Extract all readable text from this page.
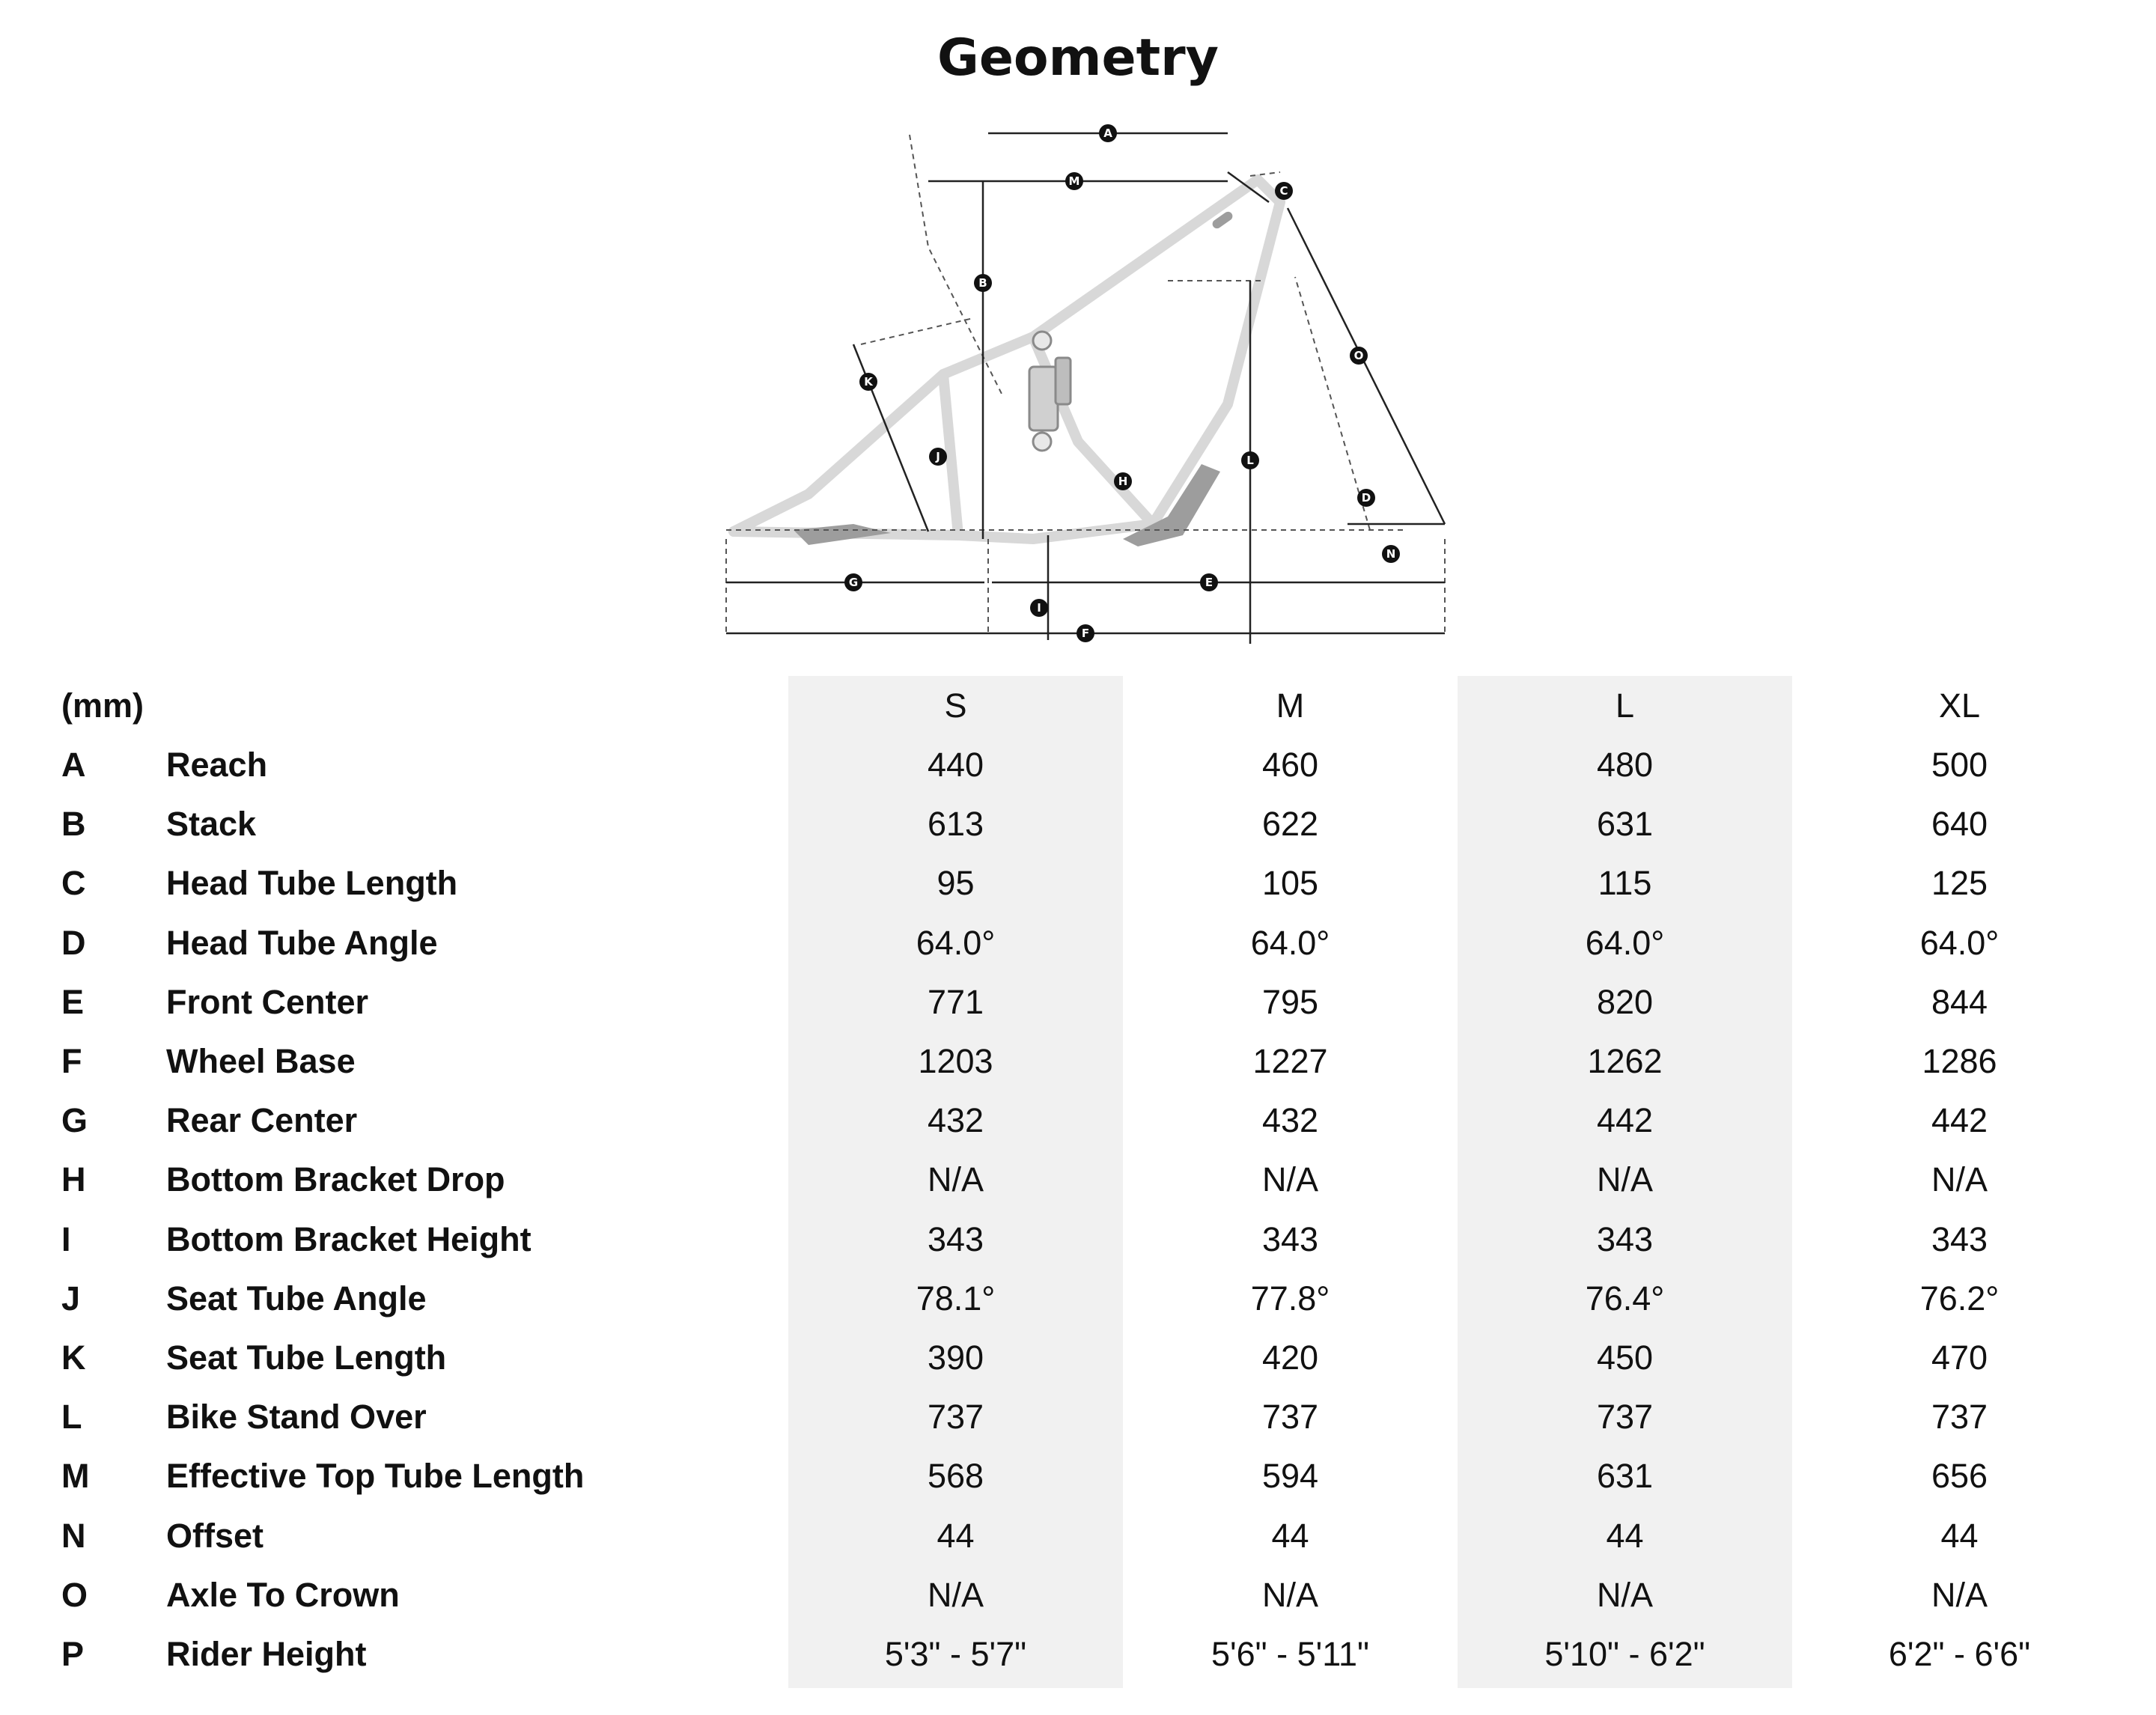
Geometry
A
B
C
D
E
F
G
H
I
J
K
L
M
N
O
(mm)	S	M	L	XL
A Reach	440	460	480	500
B Stack	613	622	631	640
C Head Tube Length	95	105	115	125
D Head Tube Angle	64.0°	64.0°	64.0°	64.0°
E Front Center	771	795	820	844
F	Wheel Base	1203	1227	1262	1286
G Rear Center	432	432	442	442
H Bottom Bracket Drop	N/A	N/A	N/A	N/A
I	Bottom Bracket Height	343	343	343	343
J	Seat Tube Angle	78.1°	77.8°	76.4°	76.2°
K Seat Tube Length	390	420	450	470
L	Bike Stand Over	737	737	737	737
M Effective Top Tube Length	568	594	631	656
N Offset	44	44	44	44
O Axle To Crown	N/A	N/A	N/A	N/A
P Rider Height	5'3" - 5'7"	5'6" - 5'11"	5'10" - 6'2"	6'2" - 6'6"
